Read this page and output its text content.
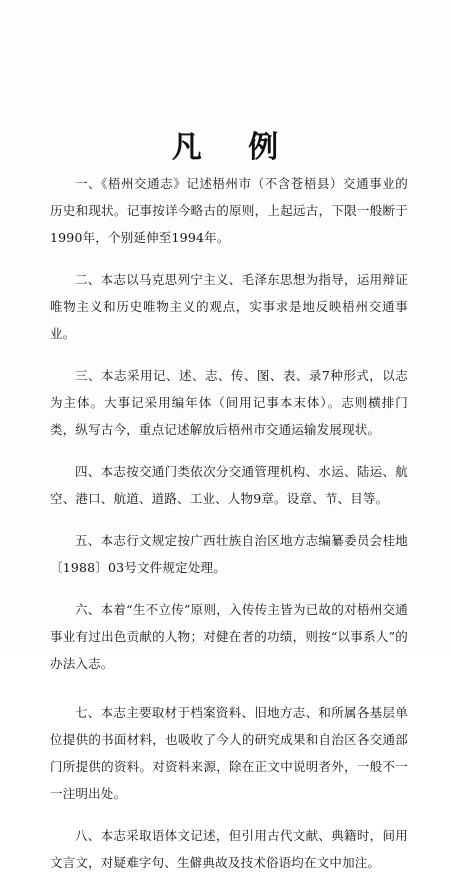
凡 例

一、《梧州交通志》记述梧州市（不含苍梧县）交通事业的历史和现状。记事按详今略古的原则，上起远古，下限一般断于1990年，个别延伸至1994年。

二、本志以马克思列宁主义、毛泽东思想为指导，运用辩证唯物主义和历史唯物主义的观点，实事求是地反映梧州交通事业。

三、本志采用记、述、志、传、图、表、录7种形式，以志为主体。大事记采用编年体（间用记事本末体）。志则横排门类，纵写古今，重点记述解放后梧州市交通运输发展现状。

四、本志按交通门类依次分交通管理机构、水运、陆运、航空、港口、航道、道路、工业、人物9章。设章、节、目等。

五、本志行文规定按广西壮族自治区地方志编纂委员会桂地〔1988〕03号文件规定处理。

六、本着“生不立传”原则，入传传主皆为已故的对梧州交通事业有过出色贡献的人物；对健在者的功绩，则按“以事系人”的办法入志。

七、本志主要取材于档案资料、旧地方志、和所属各基层单位提供的书面材料，也吸收了今人的研究成果和自治区各交通部门所提供的资料。对资料来源，除在正文中说明者外，一般不一一注明出处。

八、本志采取语体文记述，但引用古代文献、典籍时，间用文言文，对疑难字句、生僻典故及技术俗语均在文中加注。
